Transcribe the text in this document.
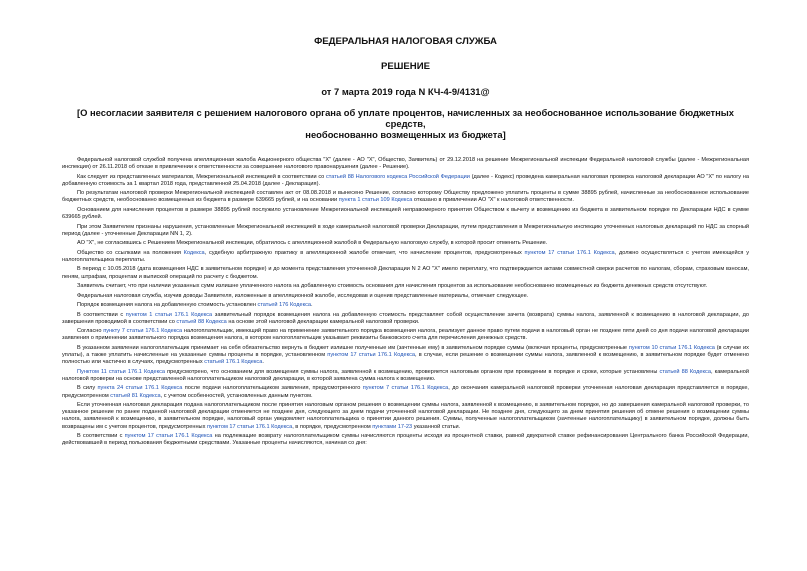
ФЕДЕРАЛЬНАЯ НАЛОГОВАЯ СЛУЖБА
РЕШЕНИЕ
от 7 марта 2019 года N КЧ-4-9/4131@
[О несогласии заявителя с решением налогового органа об уплате процентов, начисленных за необоснованное использование бюджетных средств,
необоснованно возмещенных из бюджета]

Федеральной налоговой службой получена апелляционная жалоба Акционерного общества "X" (далее - АО "X", Общество, Заявитель) от 29.12.2018 на решение Межрегиональной инспекции Федеральной налоговой службы (далее - Межрегиональная инспекция) от 26.11.2018 об отказе в привлечении к ответственности за совершение налогового правонарушения (далее - Решение).

Как следует из представленных материалов, Межрегиональной инспекцией в соответствии со статьей 88 Налогового кодекса Российской Федерации (далее - Кодекс) проведена камеральная налоговая проверка налоговой декларации АО "X" по налогу на добавленную стоимость за 1 квартал 2018 года, представленной 25.04.2018 (далее - Декларация).

По результатам налоговой проверки Межрегиональной инспекцией составлен акт от 08.08.2018 и вынесено Решение, согласно которому Обществу предложено уплатить проценты в сумме 38895 рублей, начисленные за необоснованное использование бюджетных средств, необоснованно возмещенных из бюджета в размере 639665 рублей, и на основании пункта 1 статьи 109 Кодекса отказано в привлечении АО "X" к налоговой ответственности.

Основанием для начисления процентов в размере 38895 рублей послужило установление Межрегиональной инспекцией неправомерного принятия Обществом к вычету и возмещению из бюджета в заявительном порядке по Декларации НДС в сумме 639665 рублей.

При этом Заявителем признаны нарушения, установленные Межрегиональной инспекцией в ходе камеральной налоговой проверки Декларации, путем представления в Межрегиональную инспекцию уточненных налоговых деклараций по НДС за спорный период (далее - уточненные Декларации NN 1, 2).

АО "X", не согласившись с Решением Межрегиональной инспекции, обратилось с апелляционной жалобой в Федеральную налоговую службу, в которой просит отменить Решение.

Общество со ссылками на положения Кодекса, судебную арбитражную практику в апелляционной жалобе отмечает, что начисление процентов, предусмотренных пунктом 17 статьи 176.1 Кодекса, должно осуществляться с учетом имеющейся у налогоплательщика переплаты.

В период с 10.05.2018 (дата возмещения НДС в заявительном порядке) и до момента представления уточненной Декларации N 2 АО "X" имело переплату, что подтверждается актами совместной сверки расчетов по налогам, сборам, страховым взносам, пеням, штрафам, процентам и выпиской операций по расчету с бюджетом.

Заявитель считает, что при наличии указанных сумм излишне уплаченного налога на добавленную стоимость основания для начисления процентов за использование необоснованно возмещенных из бюджета денежных средств отсутствуют.

Федеральная налоговая служба, изучив доводы Заявителя, изложенные в апелляционной жалобе, исследовав и оценив представленные материалы, отмечает следующее.

Порядок возмещения налога на добавленную стоимость установлен статьей 176 Кодекса.

В соответствии с пунктом 1 статьи 176.1 Кодекса заявительный порядок возмещения налога на добавленную стоимость представляет собой осуществление зачета (возврата) суммы налога, заявленной к возмещению в налоговой декларации, до завершения проводимой в соответствии со статьей 88 Кодекса на основе этой налоговой декларации камеральной налоговой проверки.

Согласно пункту 7 статьи 176.1 Кодекса налогоплательщик, имеющий право на применение заявительного порядка возмещения налога, реализует данное право путем подачи в налоговый орган не позднее пяти дней со дня подачи налоговой декларации заявления о применении заявительного порядка возмещения налога, в котором налогоплательщик указывает реквизиты банковского счета для перечисления денежных средств.

В указанном заявлении налогоплательщик принимает на себя обязательство вернуть в бюджет излишне полученные им (зачтенные ему) в заявительном порядке суммы (включая проценты, предусмотренные пунктом 10 статьи 176.1 Кодекса (в случае их уплаты), а также уплатить начисленные на указанные суммы проценты в порядке, установленном пунктом 17 статьи 176.1 Кодекса, в случае, если решение о возмещении суммы налога, заявленной к возмещению, в заявительном порядке будет отменено полностью или частично в случаях, предусмотренных статьей 176.1 Кодекса.

Пунктом 11 статьи 176.1 Кодекса предусмотрено, что основанием для возмещения суммы налога, заявленной к возмещению, проверяется налоговым органом при проведении в порядке и сроки, которые установлены статьей 88 Кодекса, камеральной налоговой проверки на основе представленной налогоплательщиком налоговой декларации, в которой заявлена сумма налога к возмещению.

В силу пункта 24 статьи 176.1 Кодекса после подачи налогоплательщиком заявления, предусмотренного пунктом 7 статьи 176.1 Кодекса, до окончания камеральной налоговой проверки уточненная налоговая декларация представляется в порядке, предусмотренном статьей 81 Кодекса, с учетом особенностей, установленных данным пунктом.

Если уточненная налоговая декларация подана налогоплательщиком после принятия налоговым органом решения о возмещении суммы налога, заявленной к возмещению, в заявительном порядке, но до завершения камеральной налоговой проверки, то указанное решение по ранее поданной налоговой декларации отменяется не позднее дня, следующего за днем подачи уточненной налоговой декларации. Не позднее дня, следующего за днем принятия решения об отмене решения о возмещении суммы налога, заявленной к возмещению, в заявительном порядке, налоговый орган уведомляет налогоплательщика о принятии данного решения. Суммы, полученные налогоплательщиком (зачтенные налогоплательщику) в заявительном порядке, должны быть возвращены им с учетом процентов, предусмотренных пунктом 17 статьи 176.1 Кодекса, в порядке, предусмотренном пунктами 17-23 указанной статьи.

В соответствии с пунктом 17 статьи 176.1 Кодекса на подлежащие возврату налогоплательщиком суммы начисляются проценты исходя из процентной ставки, равной двукратной ставке рефинансирования Центрального банка Российской Федерации, действовавшей в период пользования бюджетными средствами. Указанные проценты начисляются, начиная со дня:
